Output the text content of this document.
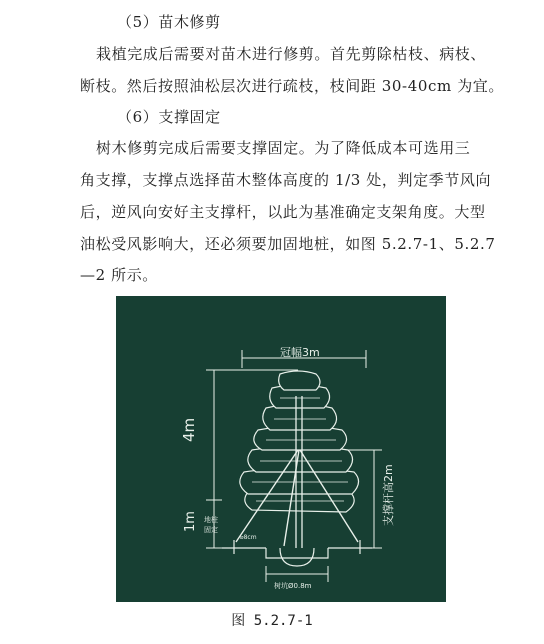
（5）苗木修剪
栽植完成后需要对苗木进行修剪。首先剪除枯枝、病枝、
断枝。然后按照油松层次进行疏枝，枝间距 30-40cm 为宜。
（6）支撑固定
树木修剪完成后需要支撑固定。为了降低成本可选用三
角支撑，支撑点选择苗木整体高度的 1/3 处，判定季节风向
后，逆风向安好主支撑杆，以此为基准确定支架角度。大型
油松受风影响大，还必须要加固地桩，如图 5.2.7-1、5.2.7
—2 所示。
冠幅3m
4m
1m	支撑杆高2m
地桩
固定
⌀8cm
树坑Ø0.8m
图 5.2.7-1
